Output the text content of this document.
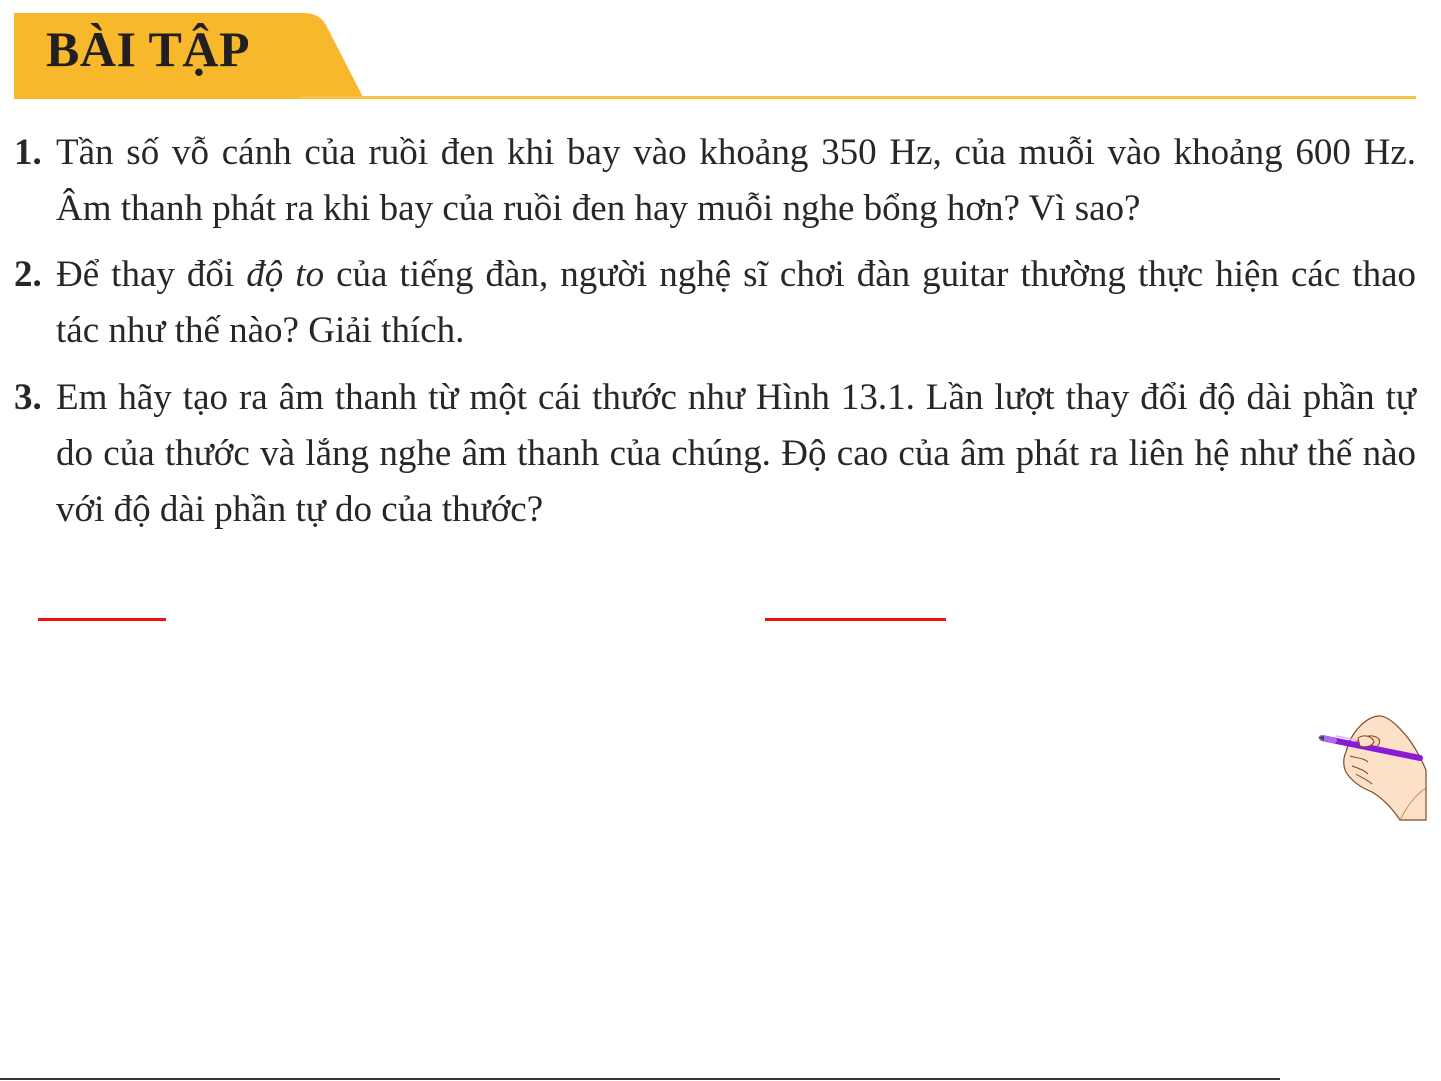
BÀI TẬP
1. Tần số vỗ cánh của ruồi đen khi bay vào khoảng 350 Hz, của muỗi vào khoảng 600 Hz. Âm thanh phát ra khi bay của ruồi đen hay muỗi nghe bổng hơn? Vì sao?
2. Để thay đổi độ to của tiếng đàn, người nghệ sĩ chơi đàn guitar thường thực hiện các thao tác như thế nào? Giải thích.
3. Em hãy tạo ra âm thanh từ một cái thước như Hình 13.1. Lần lượt thay đổi độ dài phần tự do của thước và lắng nghe âm thanh của chúng. Độ cao của âm phát ra liên hệ như thế nào với độ dài phần tự do của thước?
